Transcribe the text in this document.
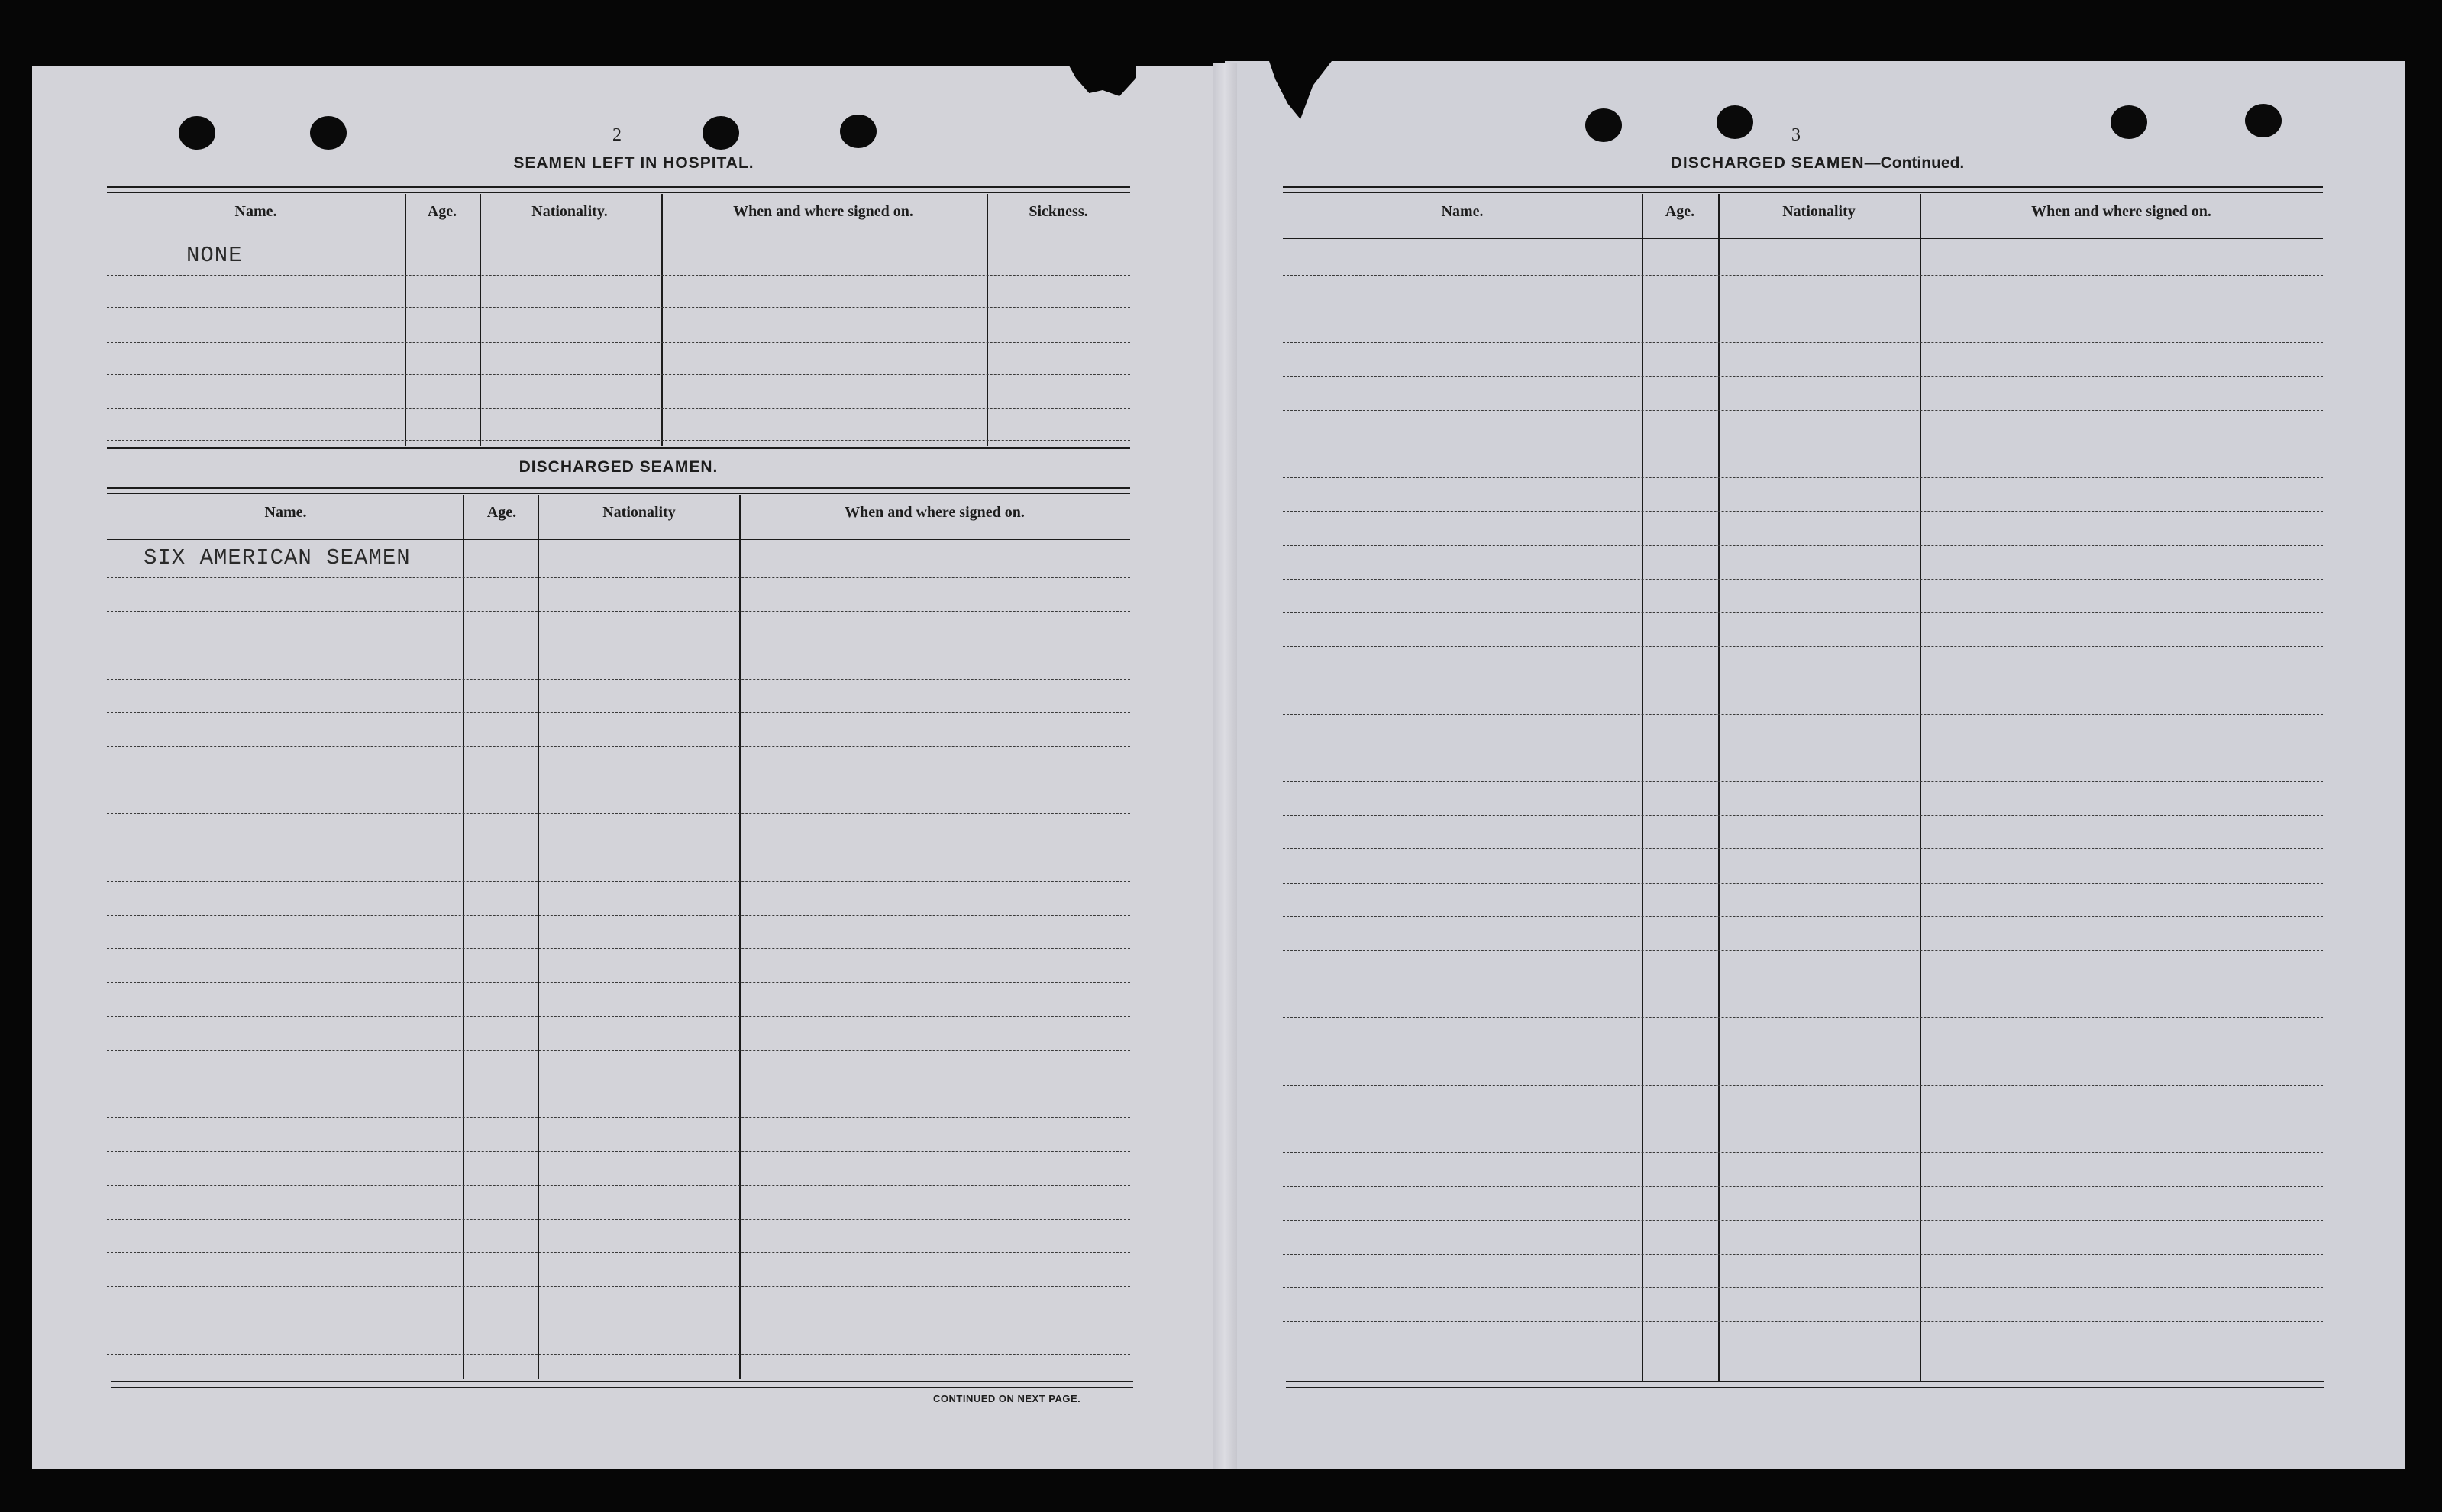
2
SEAMEN LEFT IN HOSPITAL.
Name.	Age.	Nationality.	When and where signed on.	Sickness.
NONE
DISCHARGED SEAMEN.
Name.	Age.	Nationality	When and where signed on.
SIX AMERICAN SEAMEN
CONTINUED ON NEXT PAGE.
3
DISCHARGED SEAMEN—Continued.
Name.	Age.	Nationality	When and where signed on.
